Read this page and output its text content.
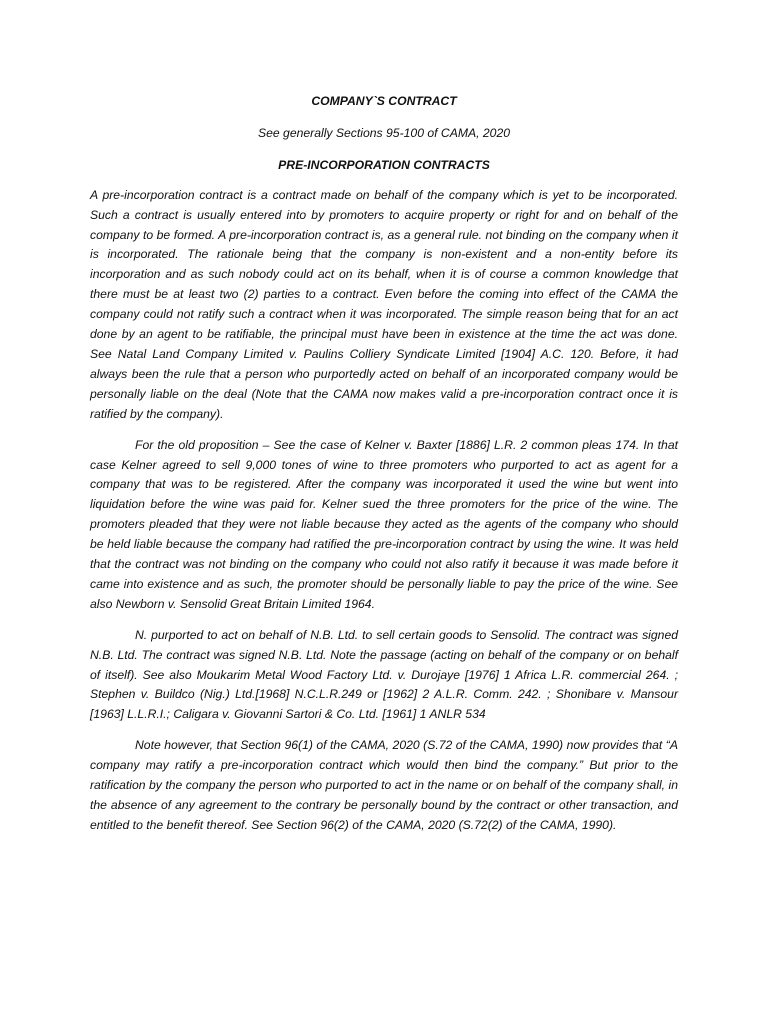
COMPANY`S CONTRACT

See generally Sections 95-100 of CAMA, 2020

PRE-INCORPORATION CONTRACTS

A pre-incorporation contract is a contract made on behalf of the company which is yet to be incorporated. Such a contract is usually entered into by promoters to acquire property or right for and on behalf of the company to be formed. A pre-incorporation contract is, as a general rule. not binding on the company when it is incorporated. The rationale being that the company is non-existent and a non-entity before its incorporation and as such nobody could act on its behalf, when it is of course a common knowledge that there must be at least two (2) parties to a contract. Even before the coming into effect of the CAMA the company could not ratify such a contract when it was incorporated. The simple reason being that for an act done by an agent to be ratifiable, the principal must have been in existence at the time the act was done. See Natal Land Company Limited v. Paulins Colliery Syndicate Limited [1904] A.C. 120. Before, it had always been the rule that a person who purportedly acted on behalf of an incorporated company would be personally liable on the deal (Note that the CAMA now makes valid a pre-incorporation contract once it is ratified by the company).

For the old proposition – See the case of Kelner v. Baxter [1886] L.R. 2 common pleas 174. In that case Kelner agreed to sell 9,000 tones of wine to three promoters who purported to act as agent for a company that was to be registered. After the company was incorporated it used the wine but went into liquidation before the wine was paid for. Kelner sued the three promoters for the price of the wine. The promoters pleaded that they were not liable because they acted as the agents of the company who should be held liable because the company had ratified the pre-incorporation contract by using the wine. It was held that the contract was not binding on the company who could not also ratify it because it was made before it came into existence and as such, the promoter should be personally liable to pay the price of the wine. See also Newborn v. Sensolid Great Britain Limited 1964.

N. purported to act on behalf of N.B. Ltd. to sell certain goods to Sensolid. The contract was signed N.B. Ltd. The contract was signed N.B. Ltd. Note the passage (acting on behalf of the company or on behalf of itself). See also Moukarim Metal Wood Factory Ltd. v. Durojaye [1976] 1 Africa L.R. commercial 264. ; Stephen v. Buildco (Nig.) Ltd.[1968] N.C.L.R.249 or [1962] 2 A.L.R. Comm. 242. ; Shonibare v. Mansour [1963] L.L.R.I.; Caligara v. Giovanni Sartori & Co. Ltd. [1961] 1 ANLR 534

Note however, that Section 96(1) of the CAMA, 2020 (S.72 of the CAMA, 1990) now provides that “A company may ratify a pre-incorporation contract which would then bind the company.” But prior to the ratification by the company the person who purported to act in the name or on behalf of the company shall, in the absence of any agreement to the contrary be personally bound by the contract or other transaction, and entitled to the benefit thereof. See Section 96(2) of the CAMA, 2020 (S.72(2) of the CAMA, 1990).
